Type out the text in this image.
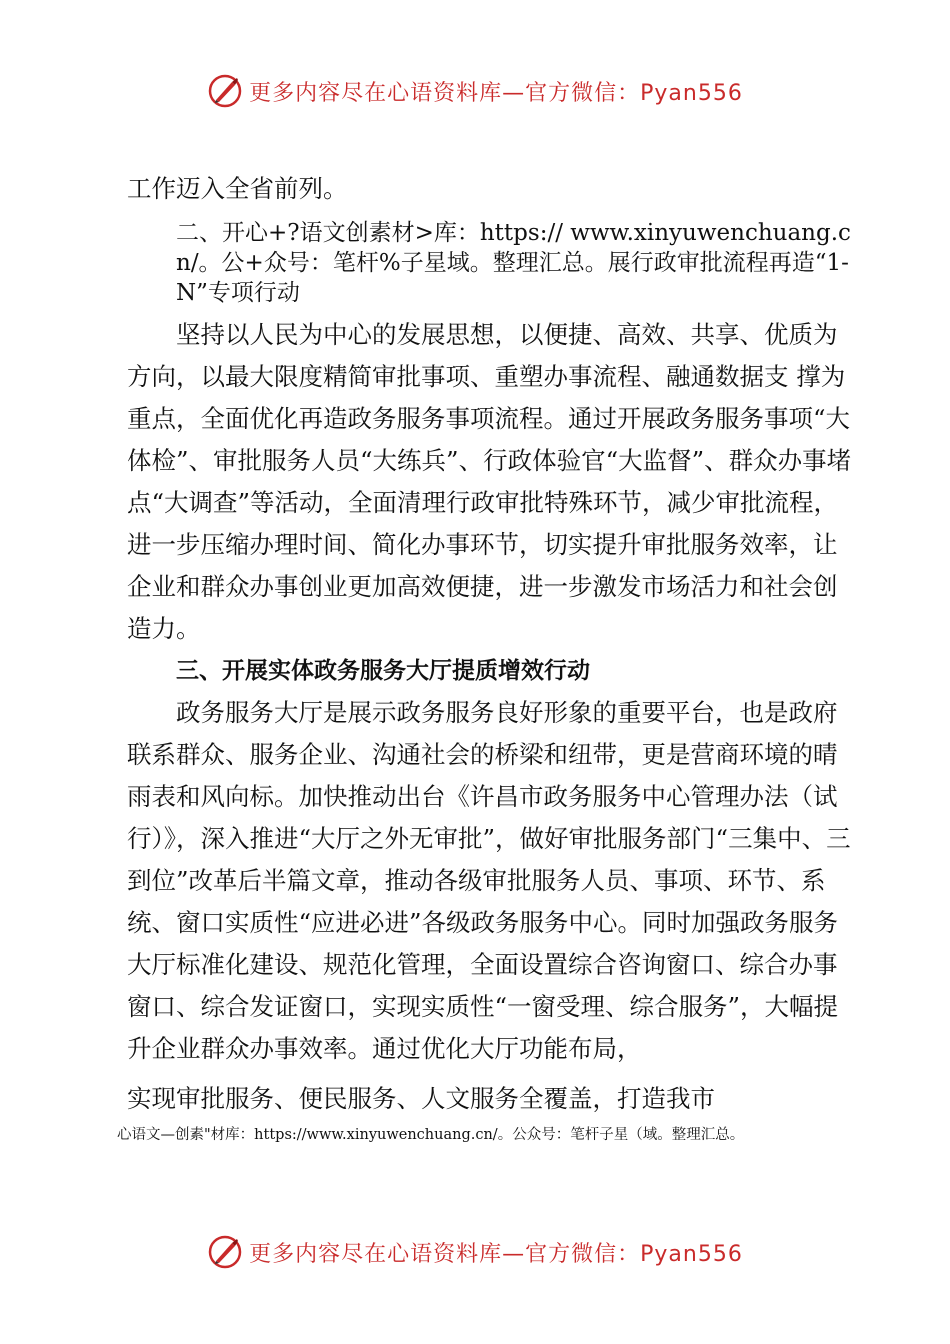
更多内容尽在心语资料库—官方微信：Pyan556

工作迈入全省前列。

二、开心+?语文创素材>库：https:// www.xinyuwenchuang.cn/。公+众号：笔杆%子星域。整理汇总。展行政审批流程再造“1-N”专项行动

坚持以人民为中心的发展思想，以便捷、高效、共享、优质为方向，以最大限度精简审批事项、重塑办事流程、融通数据支 撑为重点，全面优化再造政务服务事项流程。通过开展政务服务事项“大体检”、审批服务人员“大练兵”、行政体验官“大监督”、群众办事堵点“大调查”等活动，全面清理行政审批特殊环节，减少审批流程，进一步压缩办理时间、简化办事环节，切实提升审批服务效率，让企业和群众办事创业更加高效便捷，进一步激发市场活力和社会创造力。

三、开展实体政务服务大厅提质增效行动

政务服务大厅是展示政务服务良好形象的重要平台，也是政府联系群众、服务企业、沟通社会的桥梁和纽带，更是营商环境的晴雨表和风向标。加快推动出台《许昌市政务服务中心管理办法（试行）》，深入推进“大厅之外无审批”，做好审批服务部门“三集中、三到位”改革后半篇文章，推动各级审批服务人员、事项、环节、系统、窗口实质性“应进必进”各级政务服务中心。同时加强政务服务大厅标准化建设、规范化管理，全面设置综合咨询窗口、综合办事窗口、综合发证窗口，实现实质性“一窗受理、综合服务”，大幅提升企业群众办事效率。通过优化大厅功能布局，

实现审批服务、便民服务、人文服务全覆盖，打造我市
心语文—创素"材库：https://www.xinyuwenchuang.cn/。公众号：笔杆子星（域。整理汇总。
更多内容尽在心语资料库—官方微信：Pyan556
